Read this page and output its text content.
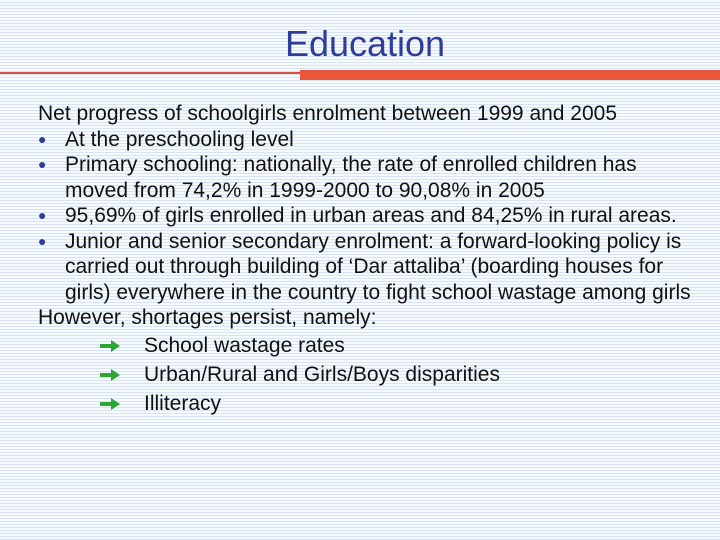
Education
Net progress of schoolgirls enrolment between 1999 and 2005
● At the preschooling level
● Primary schooling: nationally, the rate of enrolled children has moved from 74,2% in 1999-2000 to 90,08% in 2005
● 95,69% of girls enrolled in urban areas and 84,25% in rural areas.
● Junior and senior secondary enrolment: a forward-looking policy is carried out through building of ‘Dar attaliba’ (boarding houses for girls) everywhere in the country to fight school wastage among girls
However, shortages persist, namely:
School wastage rates
Urban/Rural and Girls/Boys disparities
Illiteracy
